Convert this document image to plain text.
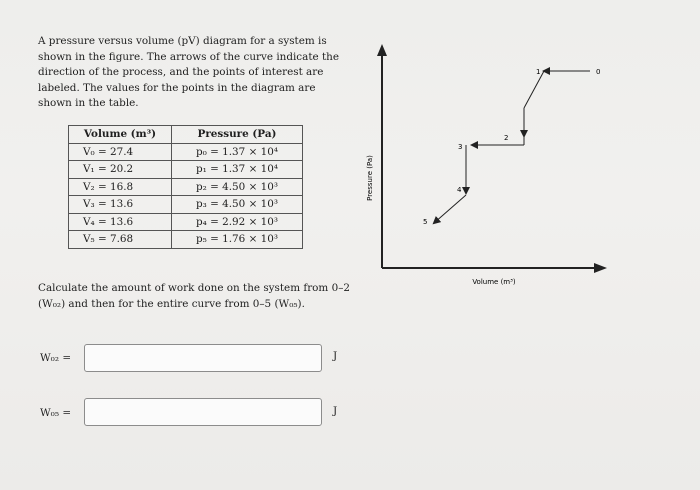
A pressure versus volume (pV) diagram for a system is shown in the figure. The arrows of the curve indicate the direction of the process, and the points of interest are labeled. The values for the points in the diagram are shown in the table.
Volume (m³)	Pressure (Pa)
V₀ = 27.4	p₀ = 1.37 × 10⁴
V₁ = 20.2	p₁ = 1.37 × 10⁴
V₂ = 16.8	p₂ = 4.50 × 10³
V₃ = 13.6	p₃ = 4.50 × 10³
V₄ = 13.6	p₄ = 2.92 × 10³
V₅ = 7.68	p₅ = 1.76 × 10³
Calculate the amount of work done on the system from 0–2 (W₀₂) and then for the entire curve from 0–5 (W₀₅).
W₀₂ =	J
W₀₅ =	J
Pressure (Pa)
Volume (m³)
0
1
2
3
4
5
